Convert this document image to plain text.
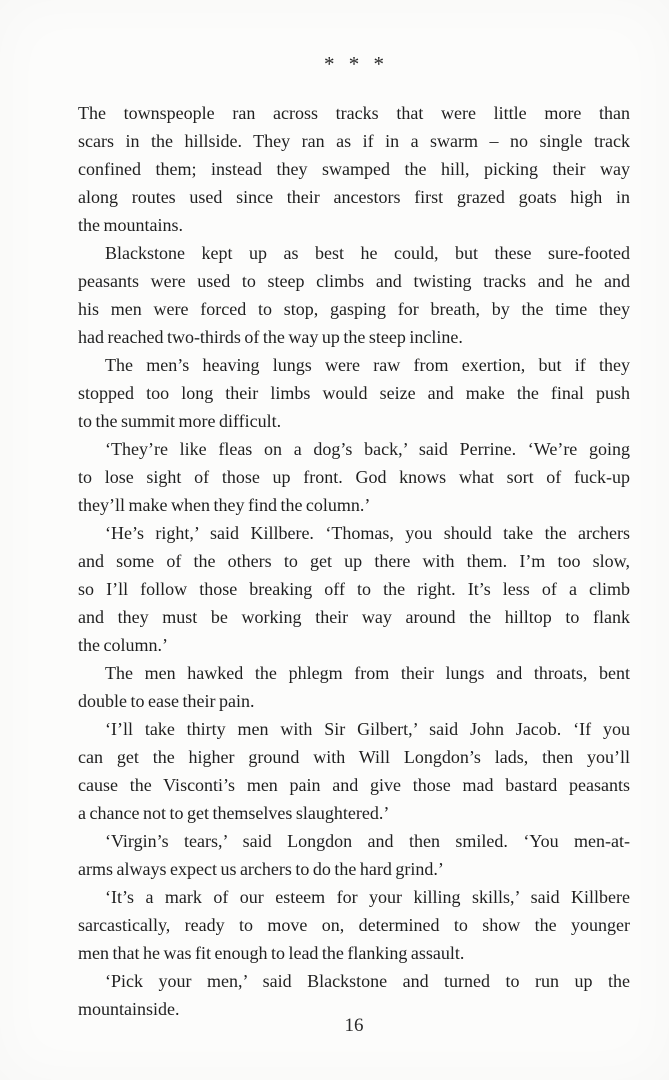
* * *
The townspeople ran across tracks that were little more than
scars in the hillside. They ran as if in a swarm – no single track
confined them; instead they swamped the hill, picking their way
along routes used since their ancestors first grazed goats high in
the mountains.
Blackstone kept up as best he could, but these sure-footed
peasants were used to steep climbs and twisting tracks and he and
his men were forced to stop, gasping for breath, by the time they
had reached two-thirds of the way up the steep incline.
The men’s heaving lungs were raw from exertion, but if they
stopped too long their limbs would seize and make the final push
to the summit more difficult.
‘They’re like fleas on a dog’s back,’ said Perrine. ‘We’re going
to lose sight of those up front. God knows what sort of fuck-up
they’ll make when they find the column.’
‘He’s right,’ said Killbere. ‘Thomas, you should take the archers
and some of the others to get up there with them. I’m too slow,
so I’ll follow those breaking off to the right. It’s less of a climb
and they must be working their way around the hilltop to flank
the column.’
The men hawked the phlegm from their lungs and throats, bent
double to ease their pain.
‘I’ll take thirty men with Sir Gilbert,’ said John Jacob. ‘If you
can get the higher ground with Will Longdon’s lads, then you’ll
cause the Visconti’s men pain and give those mad bastard peasants
a chance not to get themselves slaughtered.’
‘Virgin’s tears,’ said Longdon and then smiled. ‘You men-at-
arms always expect us archers to do the hard grind.’
‘It’s a mark of our esteem for your killing skills,’ said Killbere
sarcastically, ready to move on, determined to show the younger
men that he was fit enough to lead the flanking assault.
‘Pick your men,’ said Blackstone and turned to run up the
mountainside.
16
